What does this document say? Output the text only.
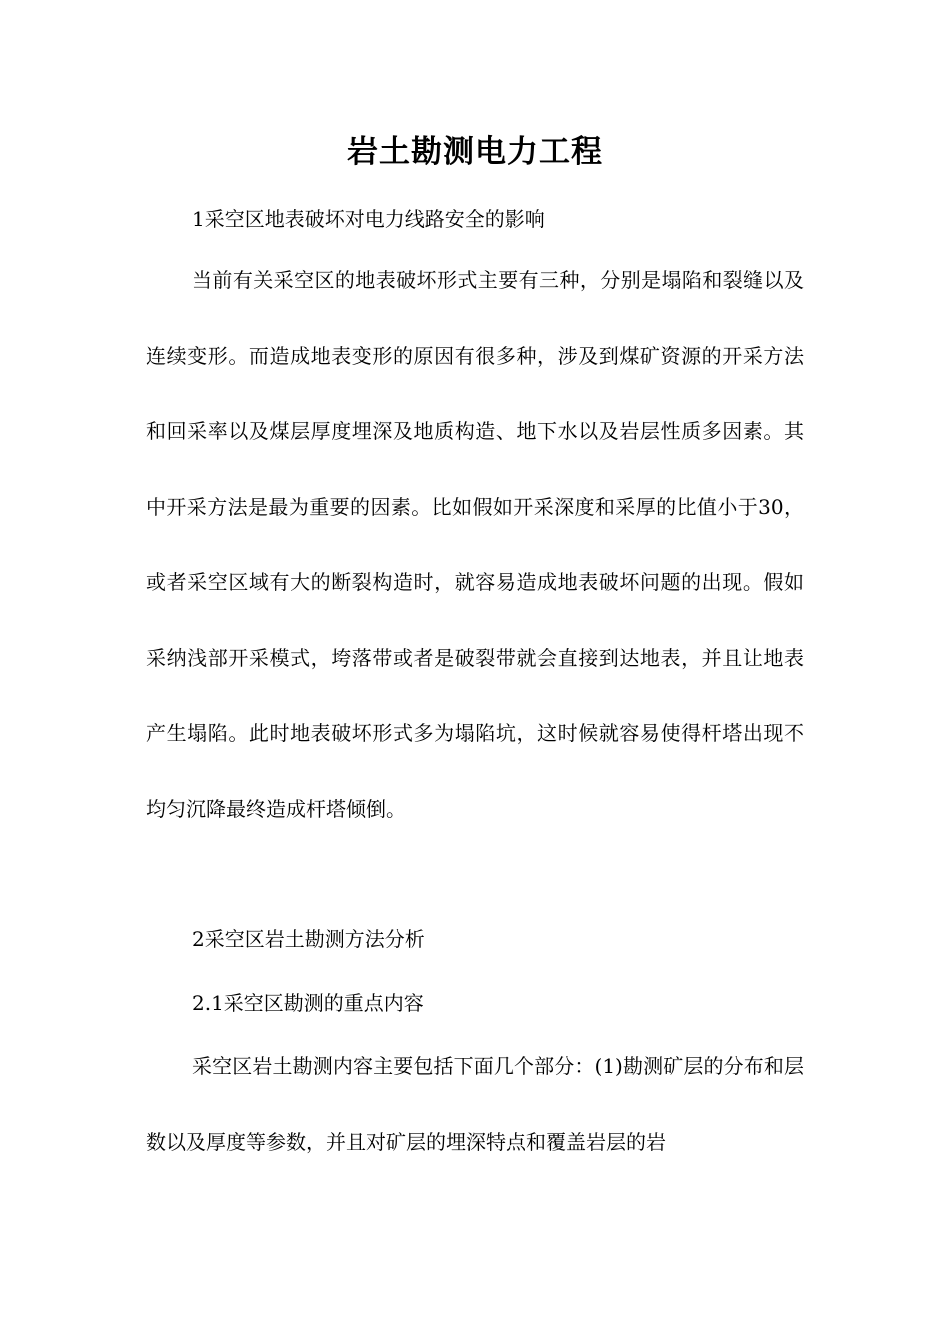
岩土勘测电力工程
1采空区地表破坏对电力线路安全的影响
当前有关采空区的地表破坏形式主要有三种，分别是塌陷和裂缝以及连续变形。而造成地表变形的原因有很多种，涉及到煤矿资源的开采方法和回采率以及煤层厚度埋深及地质构造、地下水以及岩层性质多因素。其中开采方法是最为重要的因素。比如假如开采深度和采厚的比值小于30，或者采空区域有大的断裂构造时，就容易造成地表破坏问题的出现。假如采纳浅部开采模式，垮落带或者是破裂带就会直接到达地表，并且让地表产生塌陷。此时地表破坏形式多为塌陷坑，这时候就容易使得杆塔出现不均匀沉降最终造成杆塔倾倒。
2采空区岩土勘测方法分析
2.1采空区勘测的重点内容
采空区岩土勘测内容主要包括下面几个部分：(1)勘测矿层的分布和层数以及厚度等参数，并且对矿层的埋深特点和覆盖岩层的岩
